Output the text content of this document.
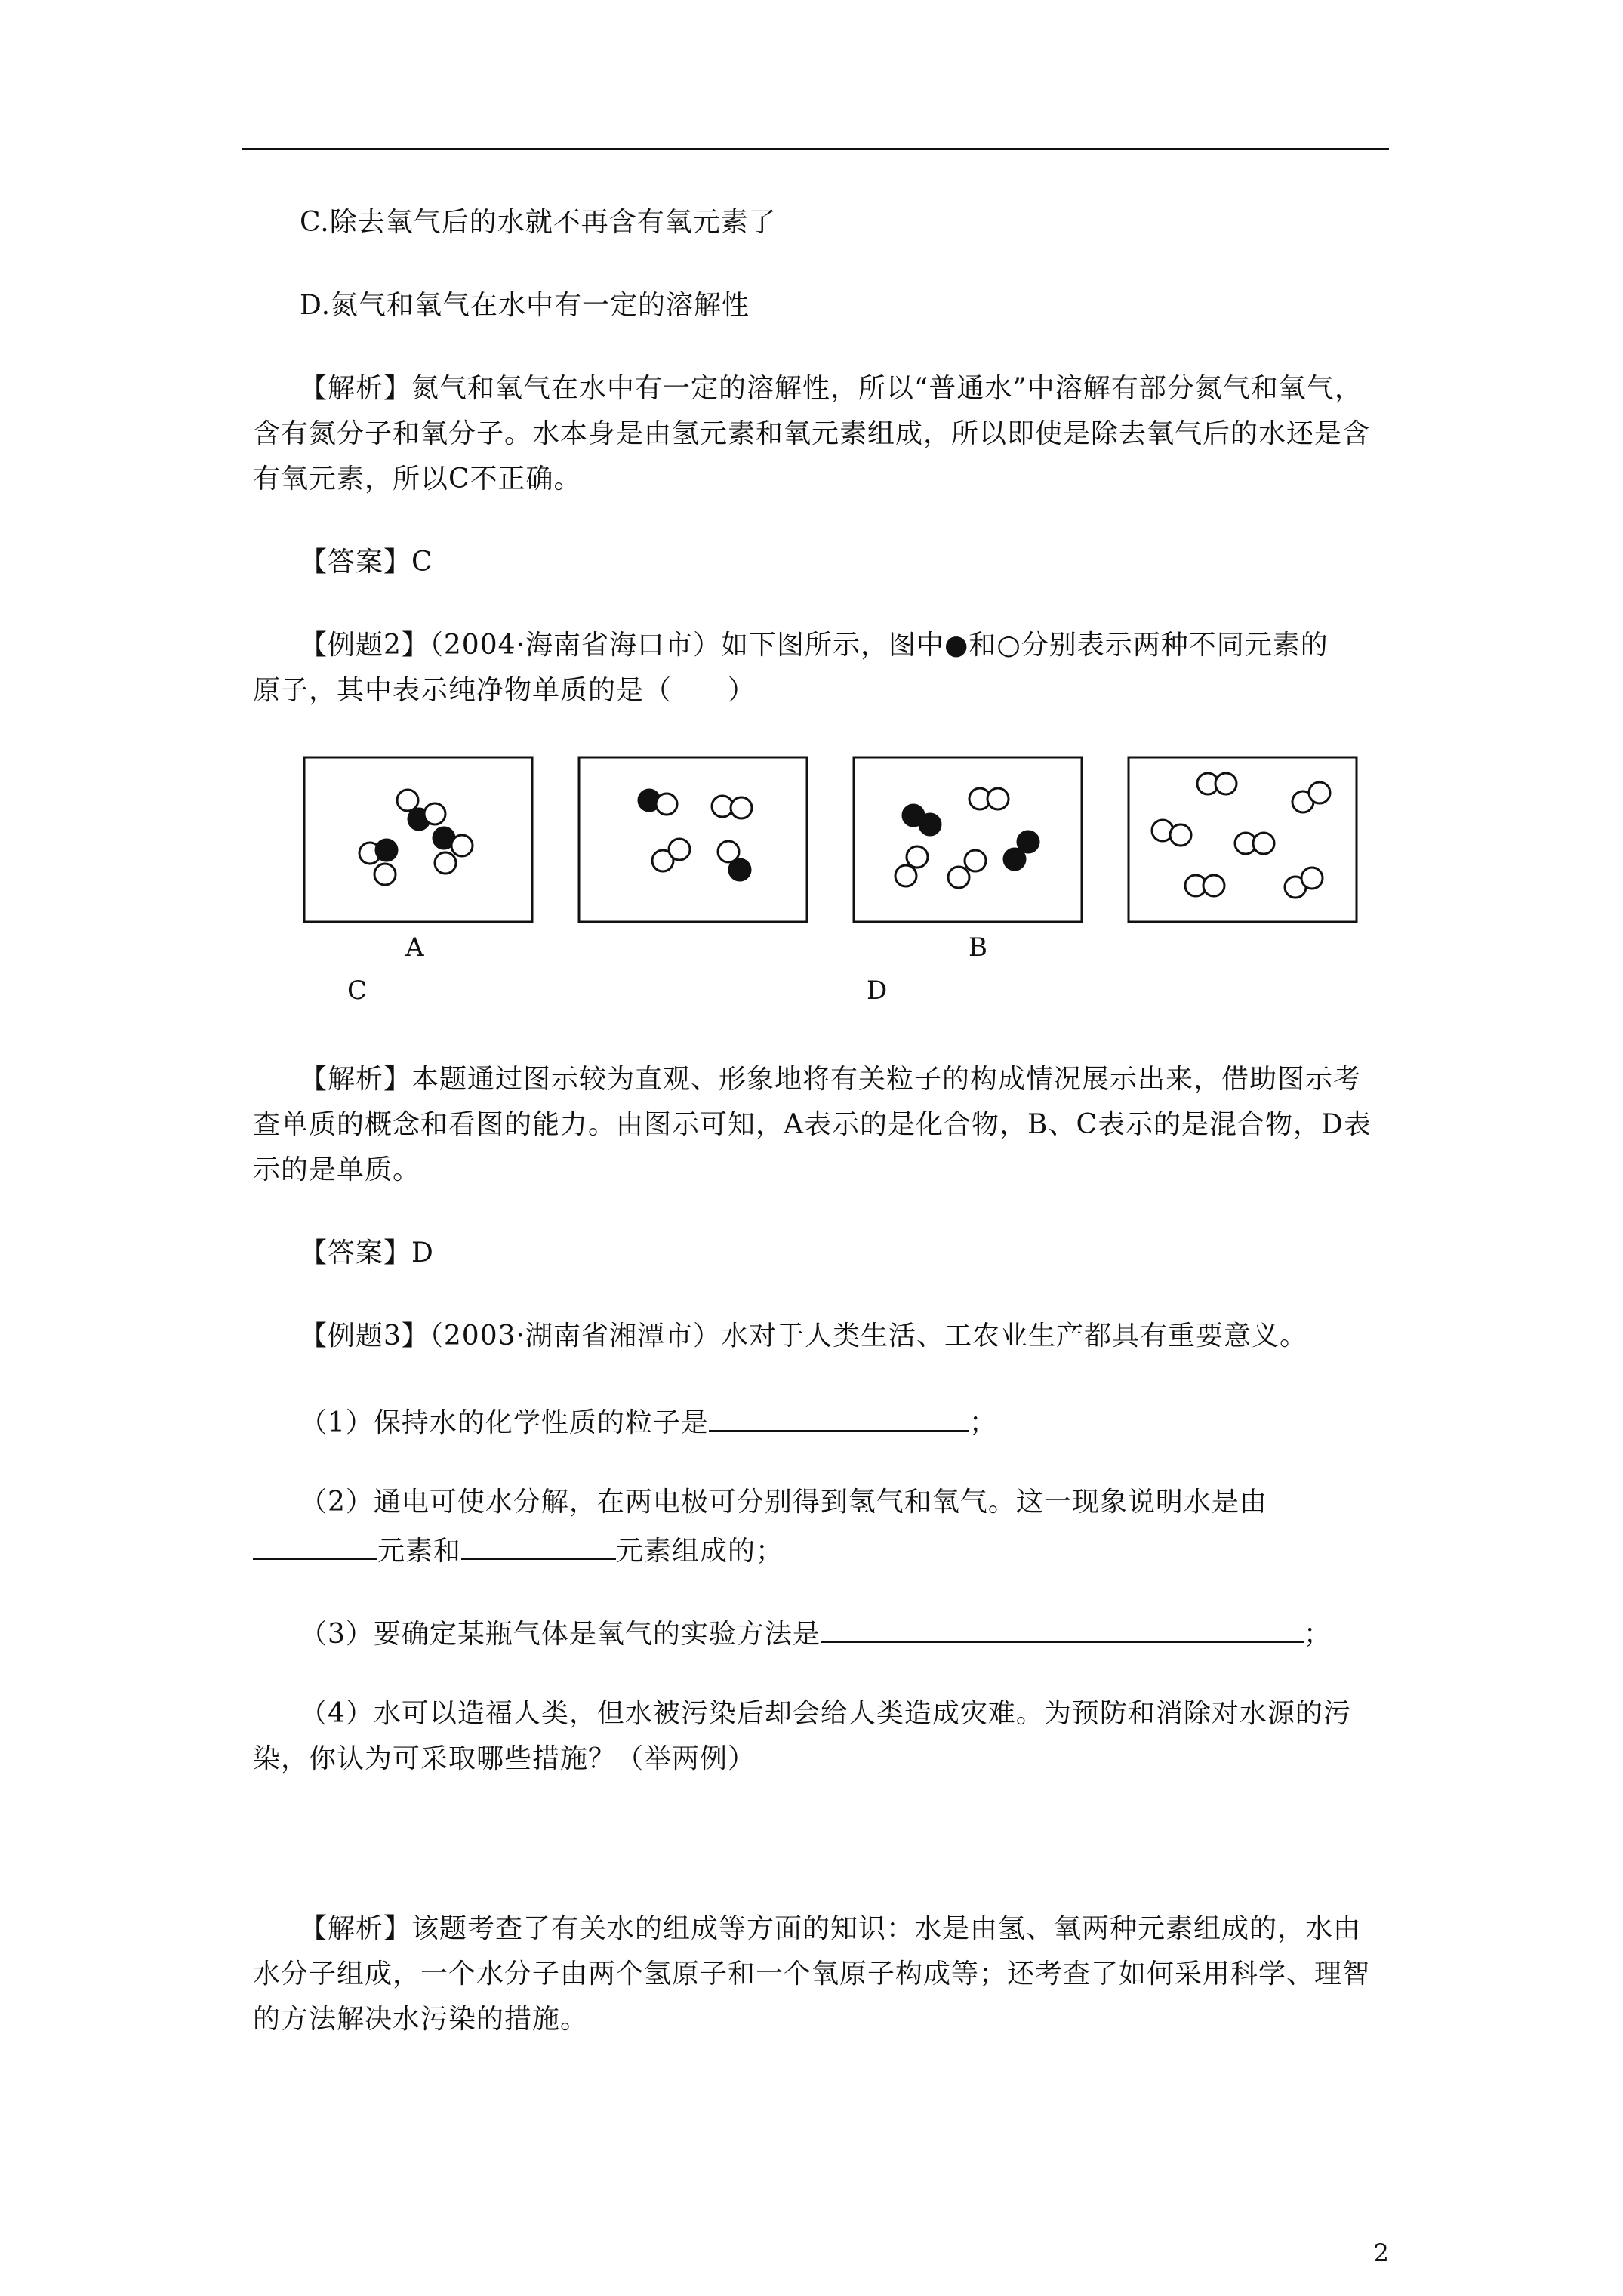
C.除去氧气后的水就不再含有氧元素了
D.氮气和氧气在水中有一定的溶解性
【解析】氮气和氧气在水中有一定的溶解性，所以“普通水”中溶解有部分氮气和氧气，
含有氮分子和氧分子。水本身是由氢元素和氧元素组成，所以即使是除去氧气后的水还是含
有氧元素，所以C不正确。
【答案】C
【例题2】（2004·海南省海口市）如下图所示，图中●和○分别表示两种不同元素的
原子，其中表示纯净物单质的是（　　）
A	B
C	D
【解析】本题通过图示较为直观、形象地将有关粒子的构成情况展示出来，借助图示考
查单质的概念和看图的能力。由图示可知，A表示的是化合物，B、C表示的是混合物，D表
示的是单质。
【答案】D
【例题3】（2003·湖南省湘潭市）水对于人类生活、工农业生产都具有重要意义。
（1）保持水的化学性质的粒子是	；
（2）通电可使水分解，在两电极可分别得到氢气和氧气。这一现象说明水是由
元素和	元素组成的；
（3）要确定某瓶气体是氧气的实验方法是	；
（4）水可以造福人类，但水被污染后却会给人类造成灾难。为预防和消除对水源的污
染，你认为可采取哪些措施？（举两例）
【解析】该题考查了有关水的组成等方面的知识：水是由氢、氧两种元素组成的，水由
水分子组成，一个水分子由两个氢原子和一个氧原子构成等；还考查了如何采用科学、理智
的方法解决水污染的措施。
2
